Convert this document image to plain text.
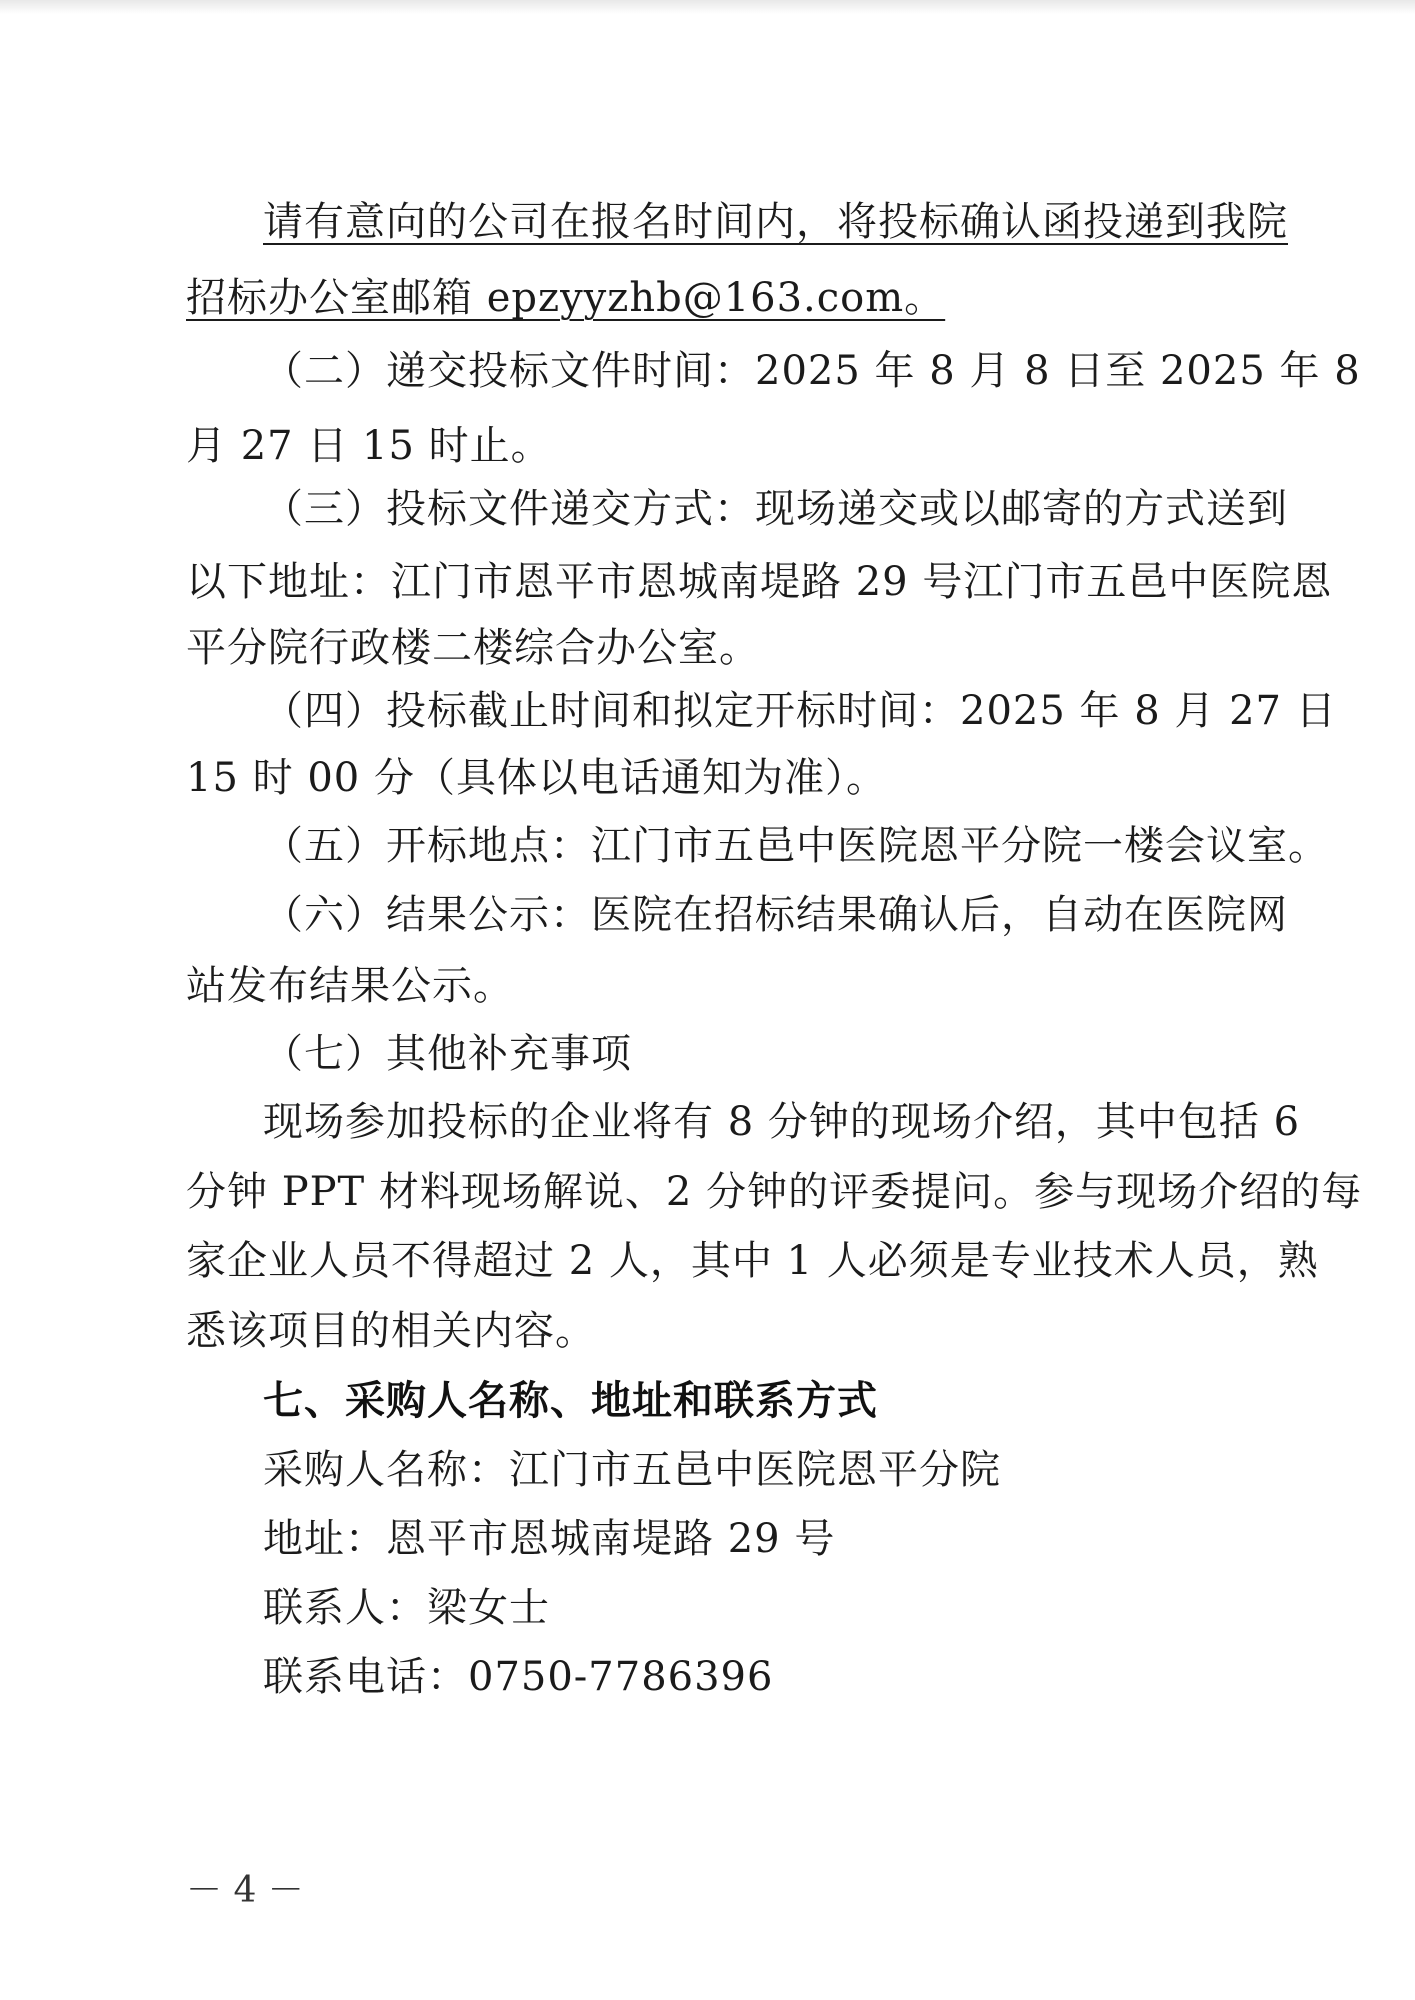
请有意向的公司在报名时间内，将投标确认函投递到我院
招标办公室邮箱 epzyyzhb@163.com。
（二）递交投标文件时间：2025 年 8 月 8 日至 2025 年 8
月 27 日 15 时止。
（三）投标文件递交方式：现场递交或以邮寄的方式送到
以下地址：江门市恩平市恩城南堤路 29 号江门市五邑中医院恩
平分院行政楼二楼综合办公室。
（四）投标截止时间和拟定开标时间：2025 年 8 月 27 日
15 时 00 分（具体以电话通知为准）。
（五）开标地点：江门市五邑中医院恩平分院一楼会议室。
（六）结果公示：医院在招标结果确认后，自动在医院网
站发布结果公示。
（七）其他补充事项
现场参加投标的企业将有 8 分钟的现场介绍，其中包括 6
分钟 PPT 材料现场解说、2 分钟的评委提问。参与现场介绍的每
家企业人员不得超过 2 人，其中 1 人必须是专业技术人员，熟
悉该项目的相关内容。
七、采购人名称、地址和联系方式
采购人名称：江门市五邑中医院恩平分院
地址：恩平市恩城南堤路 29 号
联系人：梁女士
联系电话：0750-7786396
－ 4 －
